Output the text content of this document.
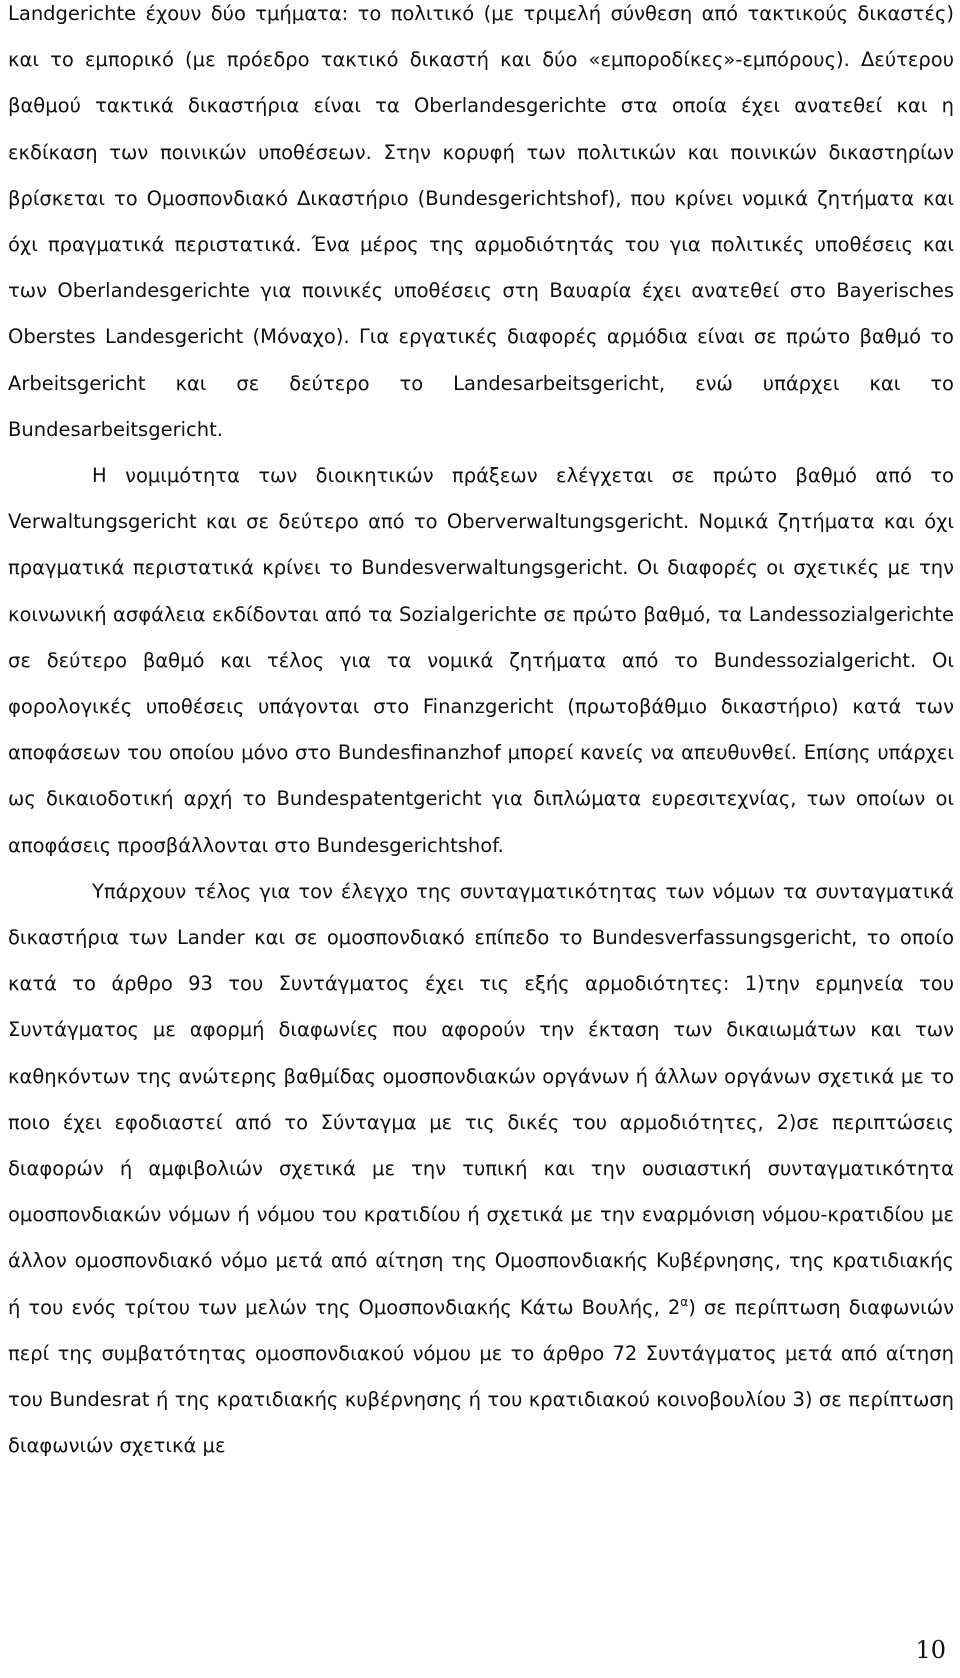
Landgerichte έχουν δύο τμήματα: το πολιτικό (με τριμελή σύνθεση από τακτικούς δικαστές) και το εμπορικό (με πρόεδρο τακτικό δικαστή και δύο «εμποροδίκες»-εμπόρους). Δεύτερου βαθμού τακτικά δικαστήρια είναι τα Oberlandesgerichte στα οποία έχει ανατεθεί και η εκδίκαση των ποινικών υποθέσεων. Στην κορυφή των πολιτικών και ποινικών δικαστηρίων βρίσκεται το Ομοσπονδιακό Δικαστήριο (Bundesgerichtshof), που κρίνει νομικά ζητήματα και όχι πραγματικά περιστατικά. Ένα μέρος της αρμοδιότητάς του για πολιτικές υποθέσεις και των Oberlandesgerichte για ποινικές υποθέσεις στη Βαυαρία έχει ανατεθεί στο Bayerisches Oberstes Landesgericht (Μόναχο). Για εργατικές διαφορές αρμόδια είναι σε πρώτο βαθμό το Arbeitsgericht και σε δεύτερο το Landesarbeitsgericht, ενώ υπάρχει και το Bundesarbeitsgericht.

Η νομιμότητα των διοικητικών πράξεων ελέγχεται σε πρώτο βαθμό από το Verwaltungsgericht και σε δεύτερο από το Oberverwaltungsgericht. Νομικά ζητήματα και όχι πραγματικά περιστατικά κρίνει το Bundesverwaltungsgericht. Οι διαφορές οι σχετικές με την κοινωνική ασφάλεια εκδίδονται από τα Sozialgerichte σε πρώτο βαθμό, τα Landessozialgerichte σε δεύτερο βαθμό και τέλος για τα νομικά ζητήματα από το Bundessozialgericht. Οι φορολογικές υποθέσεις υπάγονται στο Finanzgericht (πρωτοβάθμιο δικαστήριο) κατά των αποφάσεων του οποίου μόνο στο Bundesfinanzhof μπορεί κανείς να απευθυνθεί. Επίσης υπάρχει ως δικαιοδοτική αρχή το Bundespatentgericht για διπλώματα ευρεσιτεχνίας, των οποίων οι αποφάσεις προσβάλλονται στο Bundesgerichtshof.

Υπάρχουν τέλος για τον έλεγχο της συνταγματικότητας των νόμων τα συνταγματικά δικαστήρια των Lander και σε ομοσπονδιακό επίπεδο το Bundesverfassungsgericht, το οποίο κατά το άρθρο 93 του Συντάγματος έχει τις εξής αρμοδιότητες: 1)την ερμηνεία του Συντάγματος με αφορμή διαφωνίες που αφορούν την έκταση των δικαιωμάτων και των καθηκόντων της ανώτερης βαθμίδας ομοσπονδιακών οργάνων ή άλλων οργάνων σχετικά με το ποιο έχει εφοδιαστεί από το Σύνταγμα με τις δικές του αρμοδιότητες, 2)σε περιπτώσεις διαφορών ή αμφιβολιών σχετικά με την τυπική και την ουσιαστική συνταγματικότητα ομοσπονδιακών νόμων ή νόμου του κρατιδίου ή σχετικά με την εναρμόνιση νόμου-κρατιδίου με άλλον ομοσπονδιακό νόμο μετά από αίτηση της Ομοσπονδιακής Κυβέρνησης, της κρατιδιακής ή του ενός τρίτου των μελών της Ομοσπονδιακής Κάτω Βουλής, $2^\alpha$) σε περίπτωση διαφωνιών περί της συμβατότητας ομοσπονδιακού νόμου με το άρθρο 72 Συντάγματος μετά από αίτηση του Bundesrat ή της κρατιδιακής κυβέρνησης ή του κρατιδιακού κοινοβουλίου 3) σε περίπτωση διαφωνιών σχετικά με

10
